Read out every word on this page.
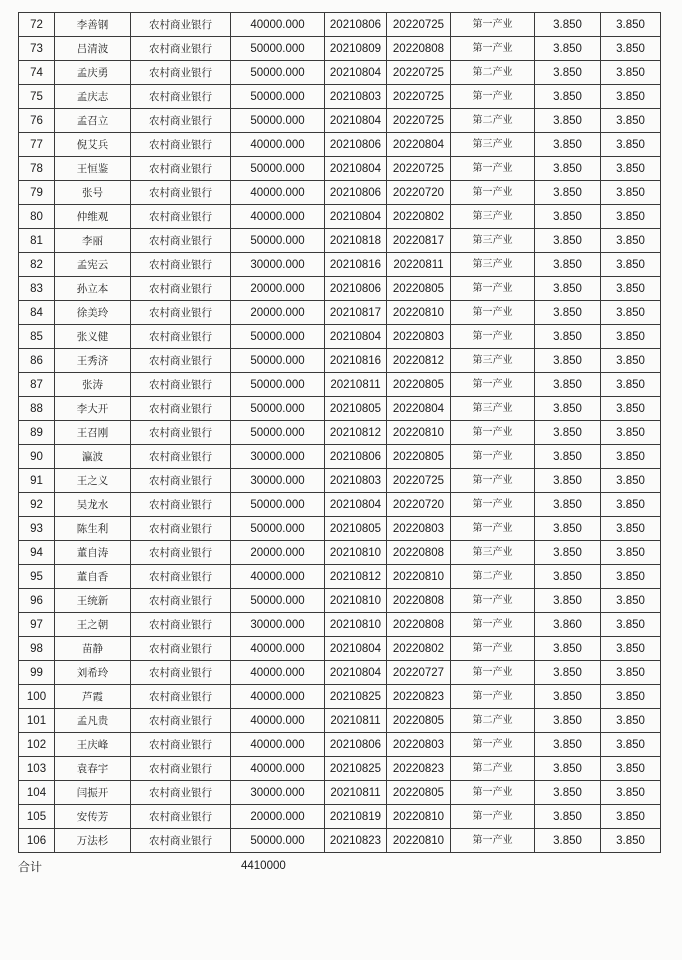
72	李善钢	农村商业银行	40000.000	20210806	20220725	第一产业	3.850	3.850
73	吕清波	农村商业银行	50000.000	20210809	20220808	第一产业	3.850	3.850
74	孟庆勇	农村商业银行	50000.000	20210804	20220725	第二产业	3.850	3.850
75	孟庆志	农村商业银行	50000.000	20210803	20220725	第一产业	3.850	3.850
76	孟召立	农村商业银行	50000.000	20210804	20220725	第二产业	3.850	3.850
77	倪艾兵	农村商业银行	40000.000	20210806	20220804	第三产业	3.850	3.850
78	王恒鉴	农村商业银行	50000.000	20210804	20220725	第一产业	3.850	3.850
79	张号	农村商业银行	40000.000	20210806	20220720	第一产业	3.850	3.850
80	仲维观	农村商业银行	40000.000	20210804	20220802	第三产业	3.850	3.850
81	李丽	农村商业银行	50000.000	20210818	20220817	第三产业	3.850	3.850
82	孟宪云	农村商业银行	30000.000	20210816	20220811	第三产业	3.850	3.850
83	孙立本	农村商业银行	20000.000	20210806	20220805	第一产业	3.850	3.850
84	徐美玲	农村商业银行	20000.000	20210817	20220810	第一产业	3.850	3.850
85	张义健	农村商业银行	50000.000	20210804	20220803	第一产业	3.850	3.850
86	王秀济	农村商业银行	50000.000	20210816	20220812	第三产业	3.850	3.850
87	张涛	农村商业银行	50000.000	20210811	20220805	第一产业	3.850	3.850
88	李大开	农村商业银行	50000.000	20210805	20220804	第三产业	3.850	3.850
89	王召刚	农村商业银行	50000.000	20210812	20220810	第一产业	3.850	3.850
90	瀛波	农村商业银行	30000.000	20210806	20220805	第一产业	3.850	3.850
91	王之义	农村商业银行	30000.000	20210803	20220725	第一产业	3.850	3.850
92	吴龙水	农村商业银行	50000.000	20210804	20220720	第一产业	3.850	3.850
93	陈生利	农村商业银行	50000.000	20210805	20220803	第一产业	3.850	3.850
94	董自涛	农村商业银行	20000.000	20210810	20220808	第三产业	3.850	3.850
95	董自香	农村商业银行	40000.000	20210812	20220810	第二产业	3.850	3.850
96	王统新	农村商业银行	50000.000	20210810	20220808	第一产业	3.850	3.850
97	王之朝	农村商业银行	30000.000	20210810	20220808	第一产业	3.860	3.850
98	苗静	农村商业银行	40000.000	20210804	20220802	第一产业	3.850	3.850
99	刘希玲	农村商业银行	40000.000	20210804	20220727	第一产业	3.850	3.850
100	芦霞	农村商业银行	40000.000	20210825	20220823	第一产业	3.850	3.850
101	孟凡贵	农村商业银行	40000.000	20210811	20220805	第二产业	3.850	3.850
102	王庆峰	农村商业银行	40000.000	20210806	20220803	第一产业	3.850	3.850
103	袁春宇	农村商业银行	40000.000	20210825	20220823	第二产业	3.850	3.850
104	闫振开	农村商业银行	30000.000	20210811	20220805	第一产业	3.850	3.850
105	安传芳	农村商业银行	20000.000	20210819	20220810	第一产业	3.850	3.850
106	万法杉	农村商业银行	50000.000	20210823	20220810	第一产业	3.850	3.850
合计	4410000
